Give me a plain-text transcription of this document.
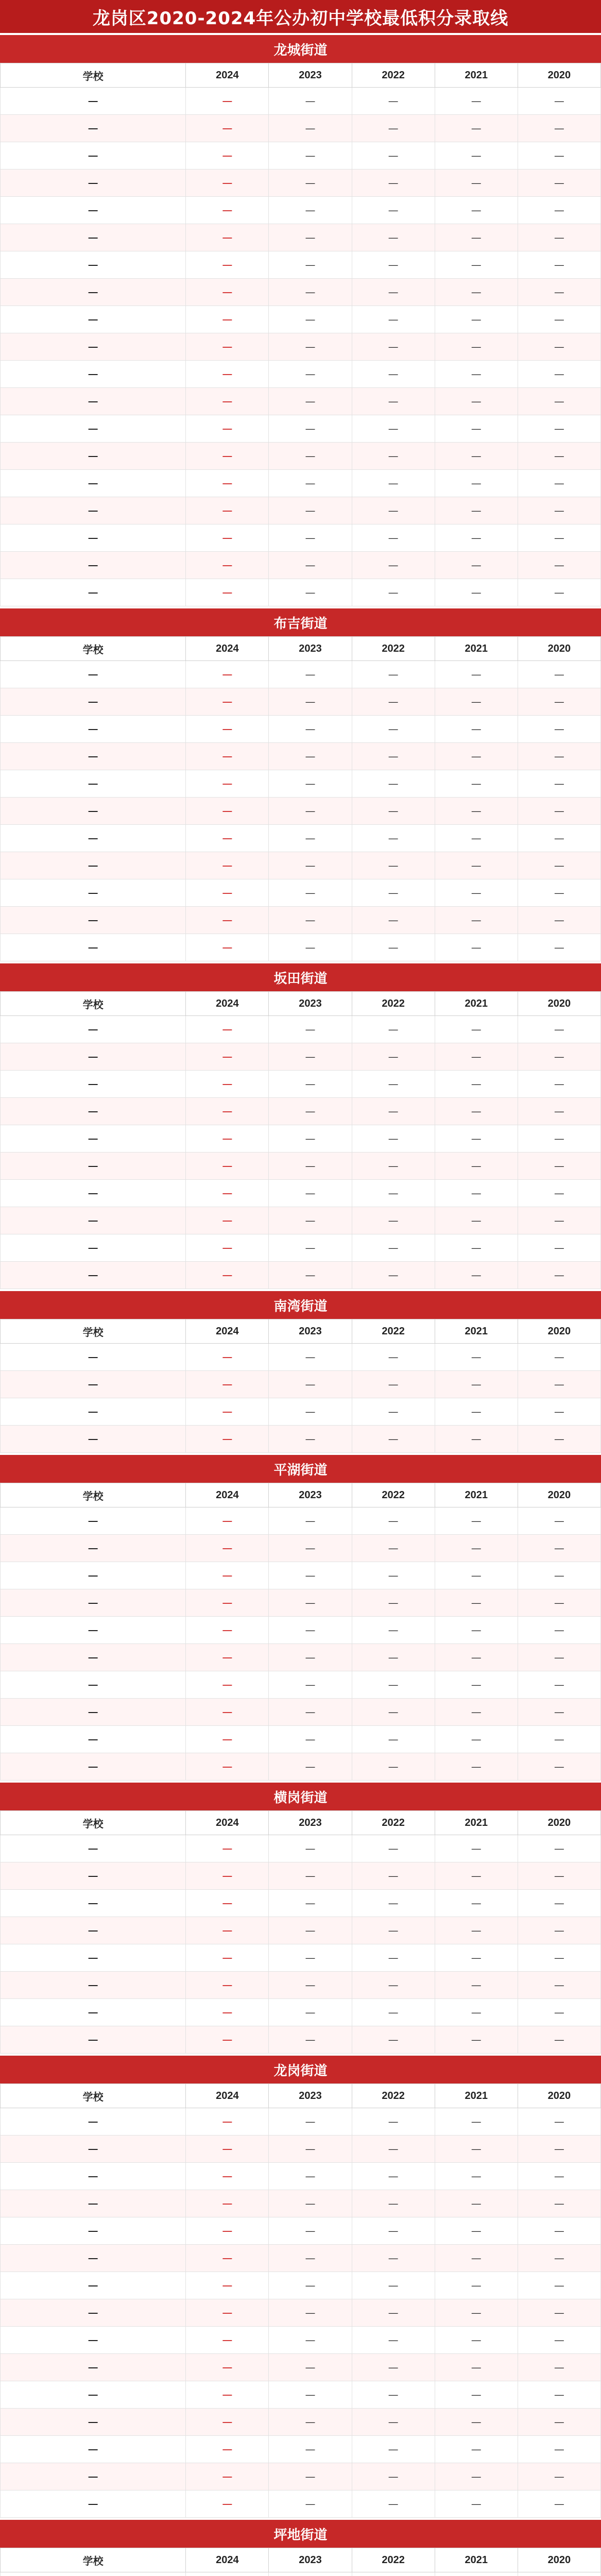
龙岗区2020-2024年公办初中学校最低积分录取线
龙城街道
学校	2024	2023	2022	2021	2020
—	—	—	—	—	—
—	—	—	—	—	—
—	—	—	—	—	—
—	—	—	—	—	—
—	—	—	—	—	—
—	—	—	—	—	—
—	—	—	—	—	—
—	—	—	—	—	—
—	—	—	—	—	—
—	—	—	—	—	—
—	—	—	—	—	—
—	—	—	—	—	—
—	—	—	—	—	—
—	—	—	—	—	—
—	—	—	—	—	—
—	—	—	—	—	—
—	—	—	—	—	—
—	—	—	—	—	—
—	—	—	—	—	—
布吉街道
学校	2024	2023	2022	2021	2020
—	—	—	—	—	—
—	—	—	—	—	—
—	—	—	—	—	—
—	—	—	—	—	—
—	—	—	—	—	—
—	—	—	—	—	—
—	—	—	—	—	—
—	—	—	—	—	—
—	—	—	—	—	—
—	—	—	—	—	—
—	—	—	—	—	—
坂田街道
学校	2024	2023	2022	2021	2020
—	—	—	—	—	—
—	—	—	—	—	—
—	—	—	—	—	—
—	—	—	—	—	—
—	—	—	—	—	—
—	—	—	—	—	—
—	—	—	—	—	—
—	—	—	—	—	—
—	—	—	—	—	—
—	—	—	—	—	—
南湾街道
学校	2024	2023	2022	2021	2020
—	—	—	—	—	—
—	—	—	—	—	—
—	—	—	—	—	—
—	—	—	—	—	—
平湖街道
学校	2024	2023	2022	2021	2020
—	—	—	—	—	—
—	—	—	—	—	—
—	—	—	—	—	—
—	—	—	—	—	—
—	—	—	—	—	—
—	—	—	—	—	—
—	—	—	—	—	—
—	—	—	—	—	—
—	—	—	—	—	—
—	—	—	—	—	—
横岗街道
学校	2024	2023	2022	2021	2020
—	—	—	—	—	—
—	—	—	—	—	—
—	—	—	—	—	—
—	—	—	—	—	—
—	—	—	—	—	—
—	—	—	—	—	—
—	—	—	—	—	—
—	—	—	—	—	—
龙岗街道
学校	2024	2023	2022	2021	2020
—	—	—	—	—	—
—	—	—	—	—	—
—	—	—	—	—	—
—	—	—	—	—	—
—	—	—	—	—	—
—	—	—	—	—	—
—	—	—	—	—	—
—	—	—	—	—	—
—	—	—	—	—	—
—	—	—	—	—	—
—	—	—	—	—	—
—	—	—	—	—	—
—	—	—	—	—	—
—	—	—	—	—	—
—	—	—	—	—	—
坪地街道
学校	2024	2023	2022	2021	2020
